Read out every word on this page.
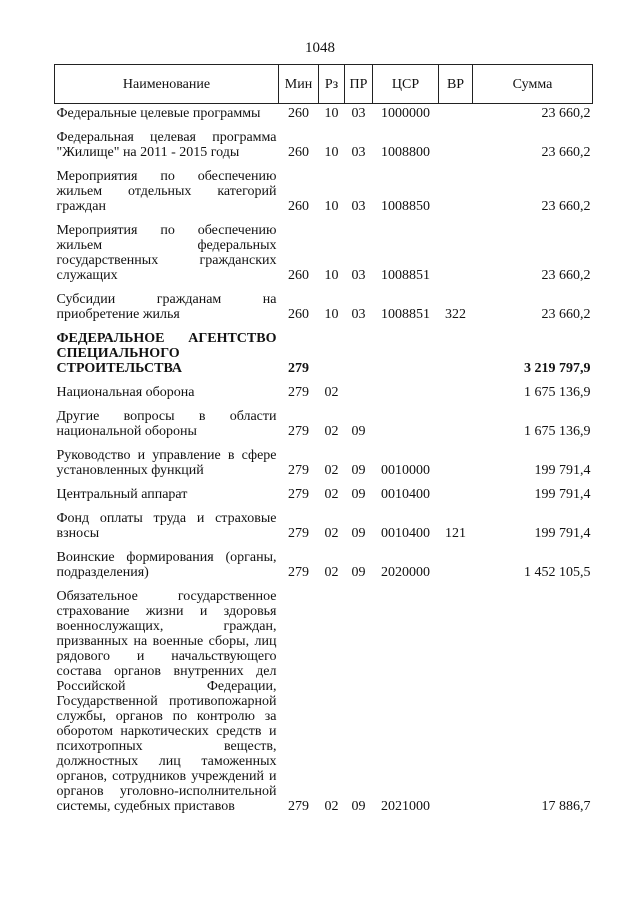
1048
Наименование	Мин	Рз	ПР	ЦСР	ВР	Сумма
Федеральные целевые программы	260	10	03	1000000		23 660,2
Федеральная целевая программа "Жилище" на 2011 - 2015 годы	260	10	03	1008800		23 660,2
Мероприятия по обеспечению жильем отдельных категорий граждан	260	10	03	1008850		23 660,2
Мероприятия по обеспечению жильем федеральных государственных гражданских служащих	260	10	03	1008851		23 660,2
Субсидии гражданам на приобретение жилья	260	10	03	1008851	322	23 660,2
ФЕДЕРАЛЬНОЕ АГЕНТСТВО СПЕЦИАЛЬНОГО СТРОИТЕЛЬСТВА	279					3 219 797,9
Национальная оборона	279	02				1 675 136,9
Другие вопросы в области национальной обороны	279	02	09			1 675 136,9
Руководство и управление в сфере установленных функций	279	02	09	0010000		199 791,4
Центральный аппарат	279	02	09	0010400		199 791,4
Фонд оплаты труда и страховые взносы	279	02	09	0010400	121	199 791,4
Воинские формирования (органы, подразделения)	279	02	09	2020000		1 452 105,5
Обязательное государственное страхование жизни и здоровья военнослужащих, граждан, призванных на военные сборы, лиц рядового и начальствующего состава органов внутренних дел Российской Федерации, Государственной противопожарной службы, органов по контролю за оборотом наркотических средств и психотропных веществ, должностных лиц таможенных органов, сотрудников учреждений и органов уголовно-исполнительной системы, судебных приставов	279	02	09	2021000		17 886,7
